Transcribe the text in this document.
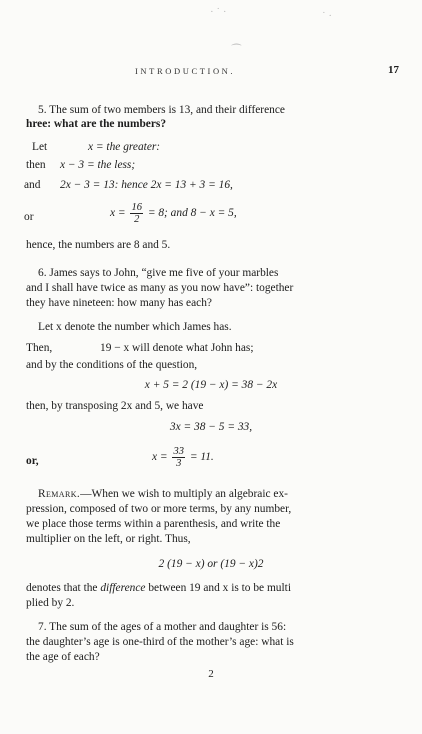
· ˙ ·	˙ ·
⁀
INTRODUCTION.	17
5. The sum of two members is 13, and their difference
hree: what are the numbers?
Let	x = the greater:
then x − 3 = the less;
and 2x − 3 = 13: hence 2x = 13 + 3 = 16,
or	$x = \frac{16}{2} = 8$; and 8 − x = 5,
hence, the numbers are 8 and 5.
6. James says to John, “give me five of your marbles
and I shall have twice as many as you now have”: together
they have nineteen: how many has each?
Let x denote the number which James has.
Then,	19 − x will denote what John has;
and by the conditions of the question,
x + 5 = 2 (19 − x) = 38 − 2x
then, by transposing 2x and 5, we have
3x = 38 − 5 = 33,
or,	$x = \frac{33}{3} = 11$.
Remark.—When we wish to multiply an algebraic ex-
pression, composed of two or more terms, by any number,
we place those terms within a parenthesis, and write the
multiplier on the left, or right. Thus,
2 (19 − x) or (19 − x)2
denotes that the difference between 19 and x is to be multi
plied by 2.
7. The sum of the ages of a mother and daughter is 56:
the daughter’s age is one-third of the mother’s age: what is
the age of each?
2
